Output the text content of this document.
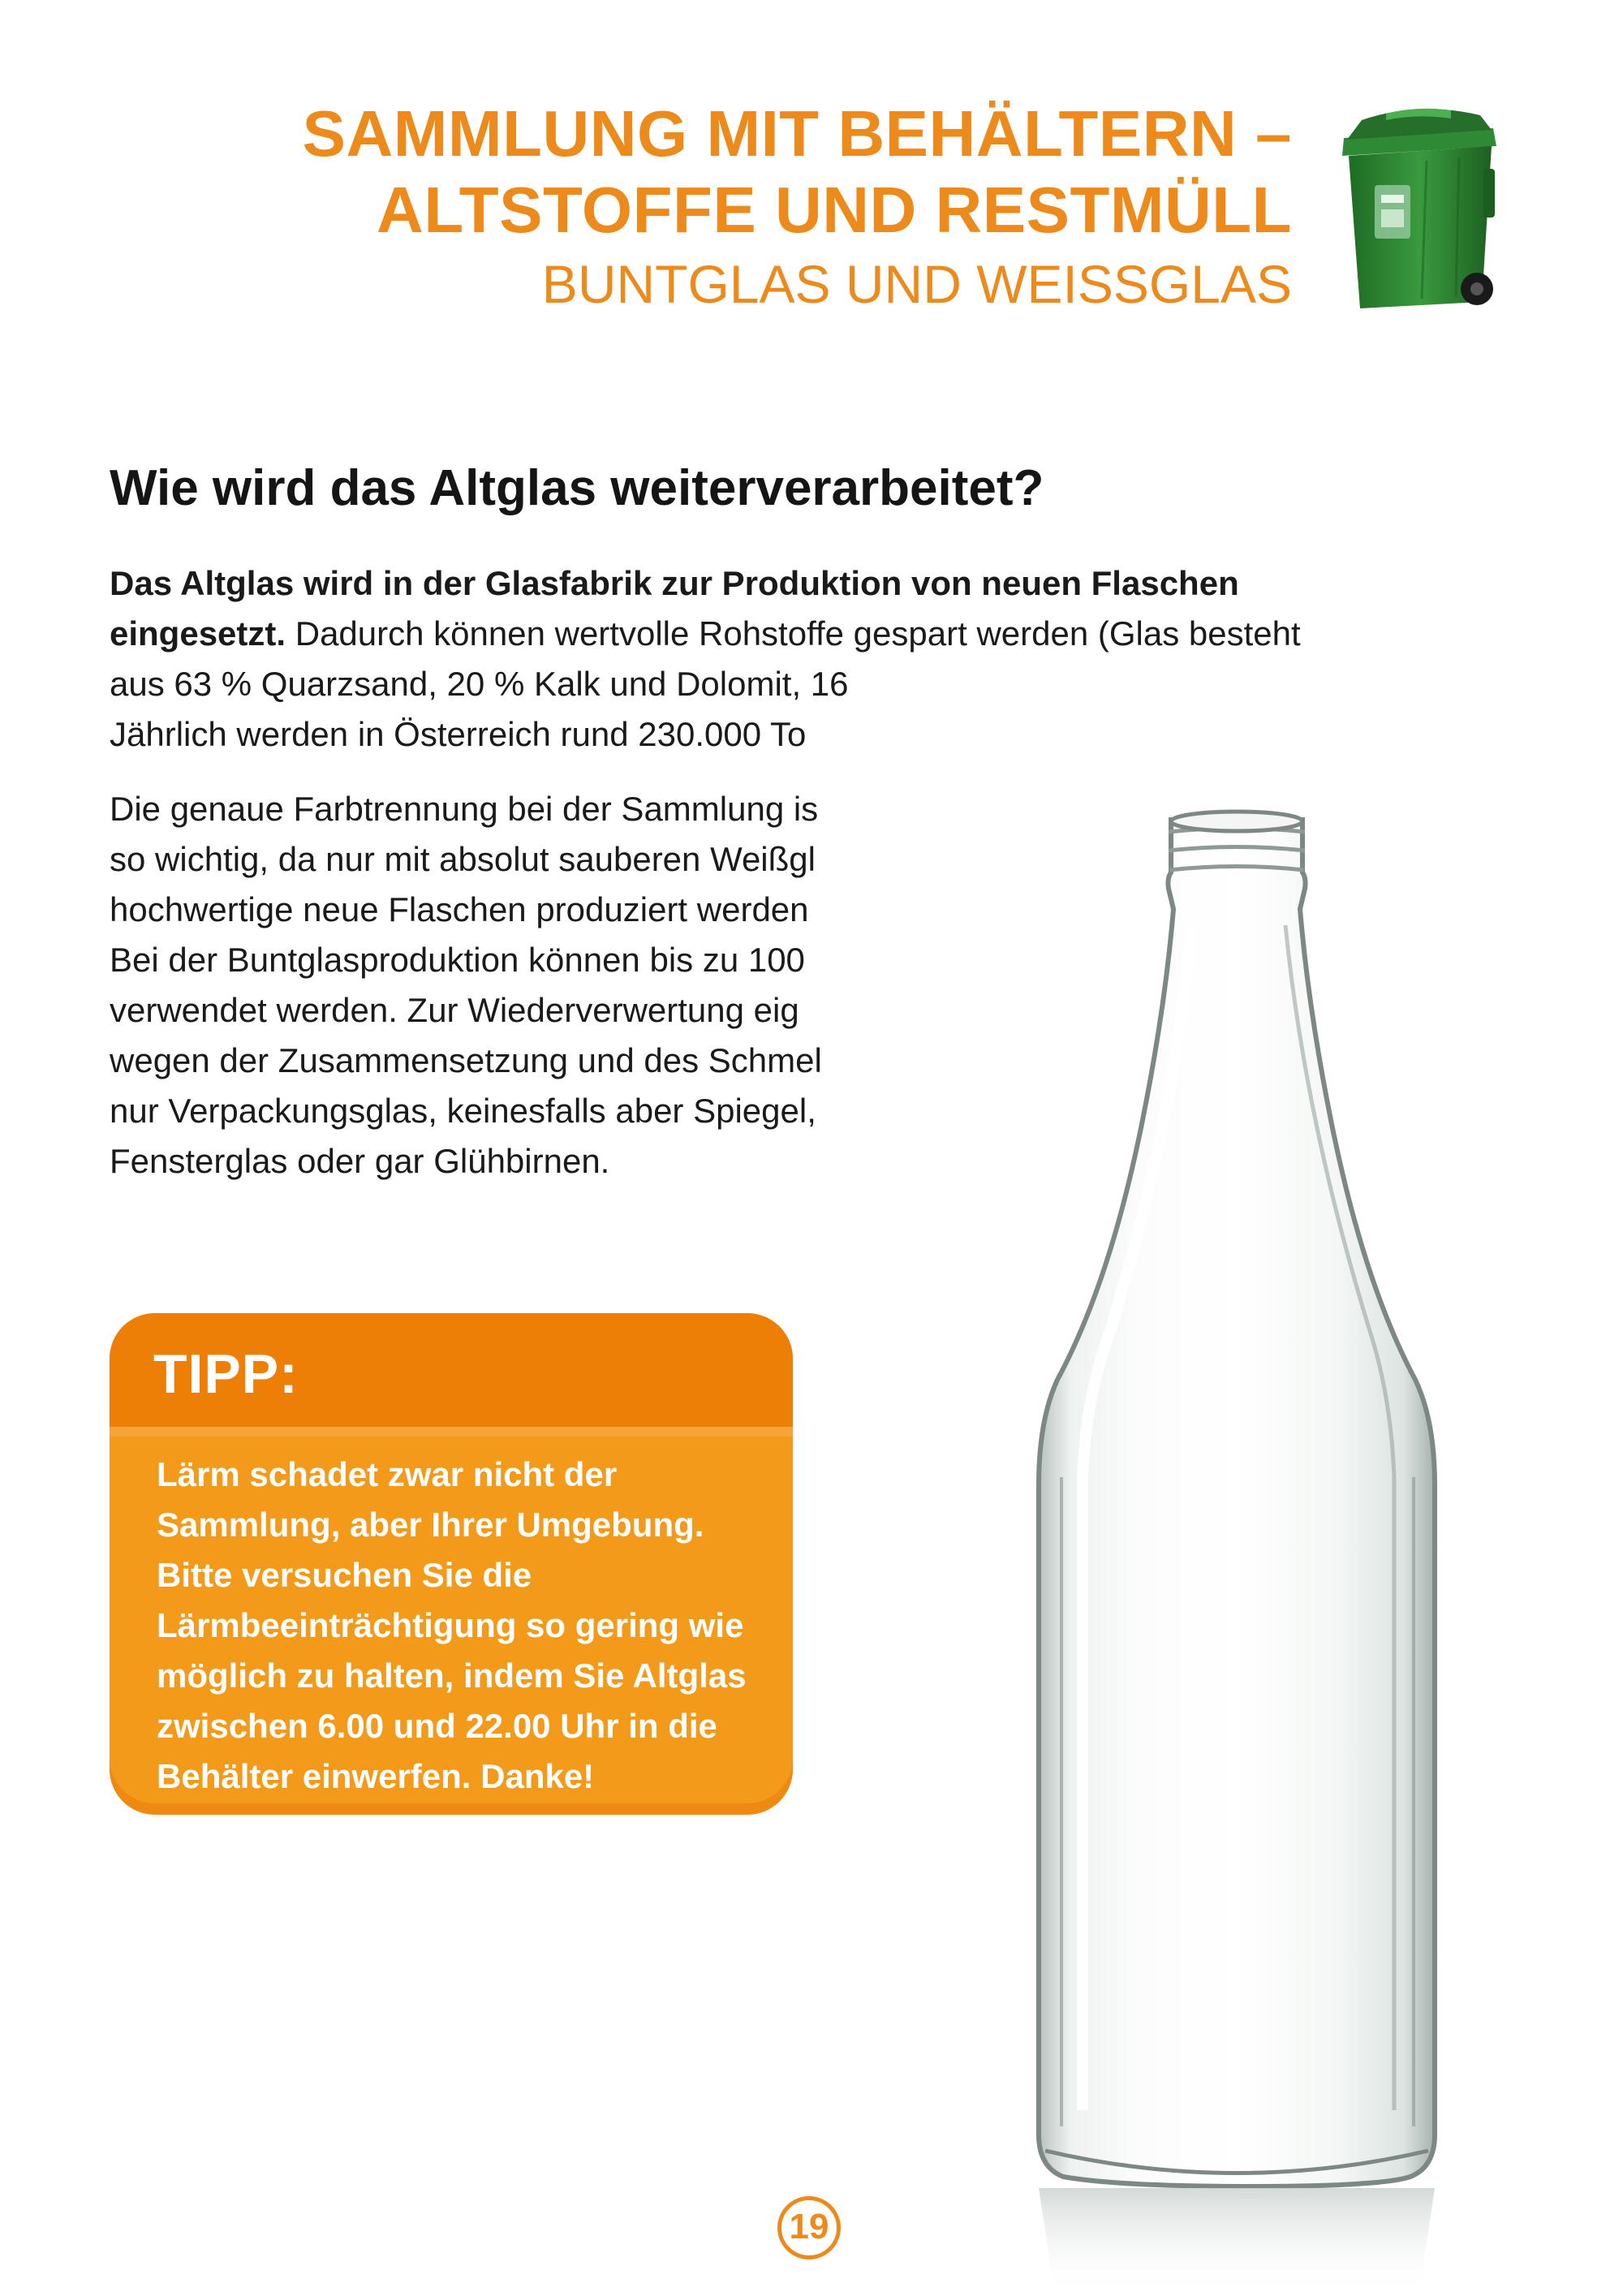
SAMMLUNG MIT BEHÄLTERN –
ALTSTOFFE UND RESTMÜLL
BUNTGLAS UND WEISSGLAS
Wie wird das Altglas weiterverarbeitet?

Das Altglas wird in der Glasfabrik zur Produktion von neuen Flaschen eingesetzt. Dadurch können wertvolle Rohstoffe gespart werden (Glas besteht
aus 63 % Quarzsand, 20 % Kalk und Dolomit, 16
Jährlich werden in Österreich rund 230.000 To

Die genaue Farbtrennung bei der Sammlung is
so wichtig, da nur mit absolut sauberen Weißgl
hochwertige neue Flaschen produziert werden
Bei der Buntglasproduktion können bis zu 100
verwendet werden. Zur Wiederverwertung eig
wegen der Zusammensetzung und des Schmel
nur Verpackungsglas, keinesfalls aber Spiegel,
Fensterglas oder gar Glühbirnen.

TIPP:
Lärm schadet zwar nicht der
Sammlung, aber Ihrer Umgebung.
Bitte versuchen Sie die
Lärmbeeinträchtigung so gering wie
möglich zu halten, indem Sie Altglas
zwischen 6.00 und 22.00 Uhr in die
Behälter einwerfen. Danke!
19
